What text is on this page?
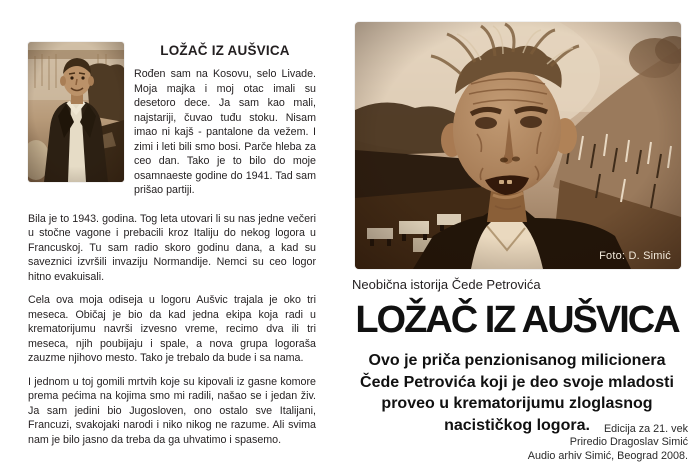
LOŽAČ IZ AUŠVICA

Rođen sam na Kosovu, selo Livade. Moja majka i moj otac imali su desetoro dece. Ja sam kao mali, najstariji, čuvao tuđu stoku. Nisam imao ni kajš - pantalone da vežem. I zimi i leti bili smo bosi. Parče hleba za ceo dan. Tako je to bilo do moje osamnaeste godine do 1941. Tad sam prišao partiji.

Bila je to 1943. godina. Tog leta utovari li su nas jedne večeri u stočne vagone i prebacili kroz Italiju do nekog logora u Francuskoj. Tu sam radio skoro godinu dana, a kad su saveznici izvršili invaziju Normandije. Nemci su ceo logor hitno evakuisali.

Cela ova moja odiseja u logoru Aušvic trajala je oko tri meseca. Običaj je bio da kad jedna ekipa koja radi u krematorijumu navrši izvesno vreme, recimo dva ili tri meseca, njih poubijaju i spale, a nova grupa logoraša zauzme njihovo mesto. Tako je trebalo da bude i sa nama.

I jednom u toj gomili mrtvih koje su kipovali iz gasne komore prema pećima na kojima smo mi radili, našao se i jedan živ. Ja sam jedini bio Jugosloven, ono ostalo sve Italijani, Francuzi, svakojaki narodi i niko nikog ne razume. Ali svima nam je bilo jasno da treba da ga uhvatimo i spasemo.

Foto: D. Simić
Neobična istorija Čede Petrovića
LOŽAČ IZ AUŠVICA
Ovo je priča penzionisanog milicionera
Čede Petrovića koji je deo svoje mladosti
proveo u krematorijumu zloglasnog
nacističkog logora.	Edicija za 21. vek
Priredio Dragoslav Simić
Audio arhiv Simić, Beograd 2008.
